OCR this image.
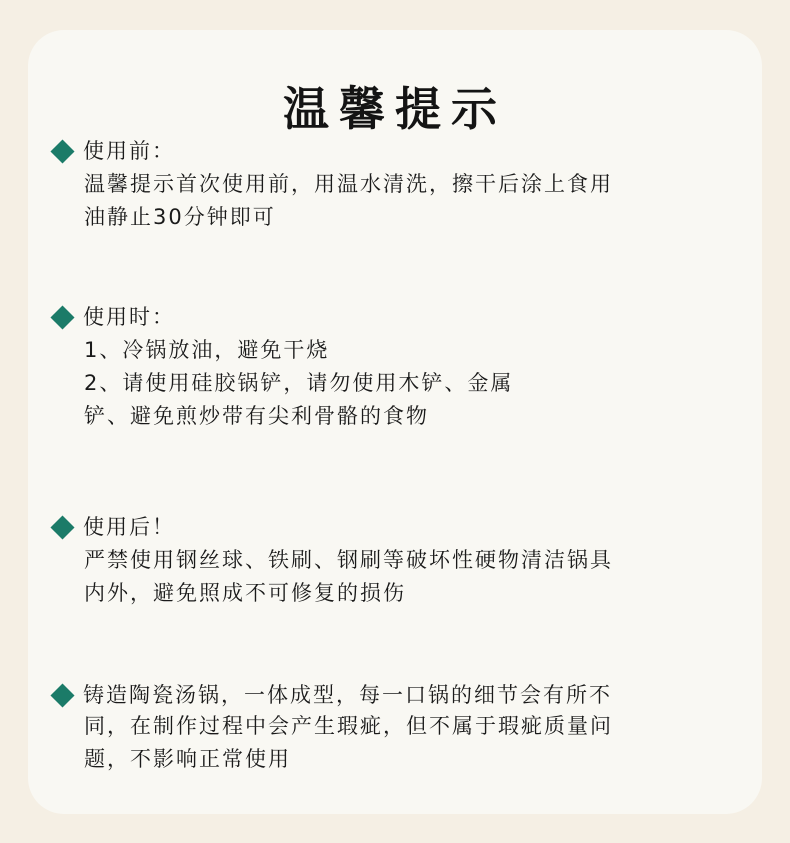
温馨提示
使用前：
温馨提示首次使用前，用温水清洗，擦干后涂上食用
油静止30分钟即可
使用时：
1、冷锅放油，避免干烧
2、请使用硅胶锅铲，请勿使用木铲、金属
铲、避免煎炒带有尖利骨骼的食物
使用后！
严禁使用钢丝球、铁刷、钢刷等破坏性硬物清洁锅具
内外，避免照成不可修复的损伤
铸造陶瓷汤锅，一体成型，每一口锅的细节会有所不
同，在制作过程中会产生瑕疵，但不属于瑕疵质量问
题，不影响正常使用
